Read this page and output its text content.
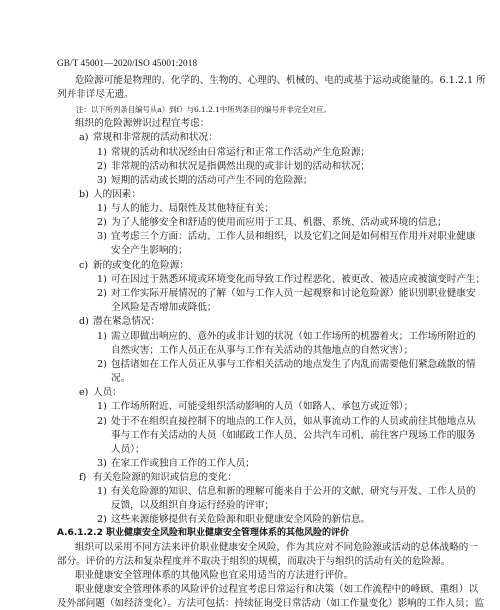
GB/T 45001—2020/ISO 45001:2018
危险源可能是物理的、化学的、生物的、心理的、机械的、电的或基于运动或能量的。6.1.2.1 所
列并非详尽无遗。
注：以下所列条目编号从a）到f）与6.1.2.1中所列条目的编号并非完全对应。
组织的危险源辨识过程宜考虑：
a) 常规和非常规的活动和状况：
1) 常规的活动和状况经由日常运行和正常工作活动产生危险源；
2) 非常规的活动和状况是指偶然出现的或非计划的活动和状况；
3) 短期的活动或长期的活动可产生不同的危险源；
b) 人的因素：
1) 与人的能力、局限性及其他特征有关；
2) 为了人能够安全和舒适的使用而应用于工具、机器、系统、活动或环境的信息；
3) 宜考虑三个方面：活动、工作人员和组织，以及它们之间是如何相互作用并对职业健康
安全产生影响的；
c) 新的或变化的危险源：
1) 可在因过于熟悉环境或环境变化而导致工作过程恶化、被更改、被适应或被演变时产生；
2) 对工作实际开展情况的了解（如与工作人员一起观察和讨论危险源）能识别职业健康安
全风险是否增加或降低；
d) 潜在紧急情况：
1) 需立即做出响应的、意外的或非计划的状况（如工作场所的机器着火；工作场所附近的
自然灾害；工作人员正在从事与工作有关活动的其他地点的自然灾害）；
2) 包括诸如在工作人员正从事与工作相关活动的地点发生了内乱而需要他们紧急疏散的情
况。
e) 人员：
1) 工作场所附近、可能受组织活动影响的人员（如路人、承包方或近邻）；
2) 处于不在组织直接控制下的地点的工作人员，如从事流动工作的人员或前往其他地点从
事与工作有关活动的人员（如邮政工作人员、公共汽车司机、前往客户现场工作的服务
人员）；
3) 在家工作或独自工作的工作人员；
f) 有关危险源的知识或信息的变化：
1) 有关危险源的知识、信息和新的理解可能来自于公开的文献、研究与开发、工作人员的
反馈，以及组织自身运行经验的评审；
2) 这些来源能够提供有关危险源和职业健康安全风险的新信息。
A.6.1.2.2 职业健康安全风险和职业健康安全管理体系的其他风险的评价
组织可以采用不同方法来评价职业健康安全风险，作为其应对不同危险源或活动的总体战略的一
部分。评价的方法和复杂程度并不取决于组织的规模，而取决于与组织的活动有关的危险源。
职业健康安全管理体系的其他风险也宜采用适当的方法进行评价。
职业健康安全管理体系的风险评价过程宜考虑日常运行和决策（如工作流程中的峰顾、重组）以
及外部问题（如经济变化）。方法可包括：持续征询受日常活动（如工作量变化）影响的工作人员；监
